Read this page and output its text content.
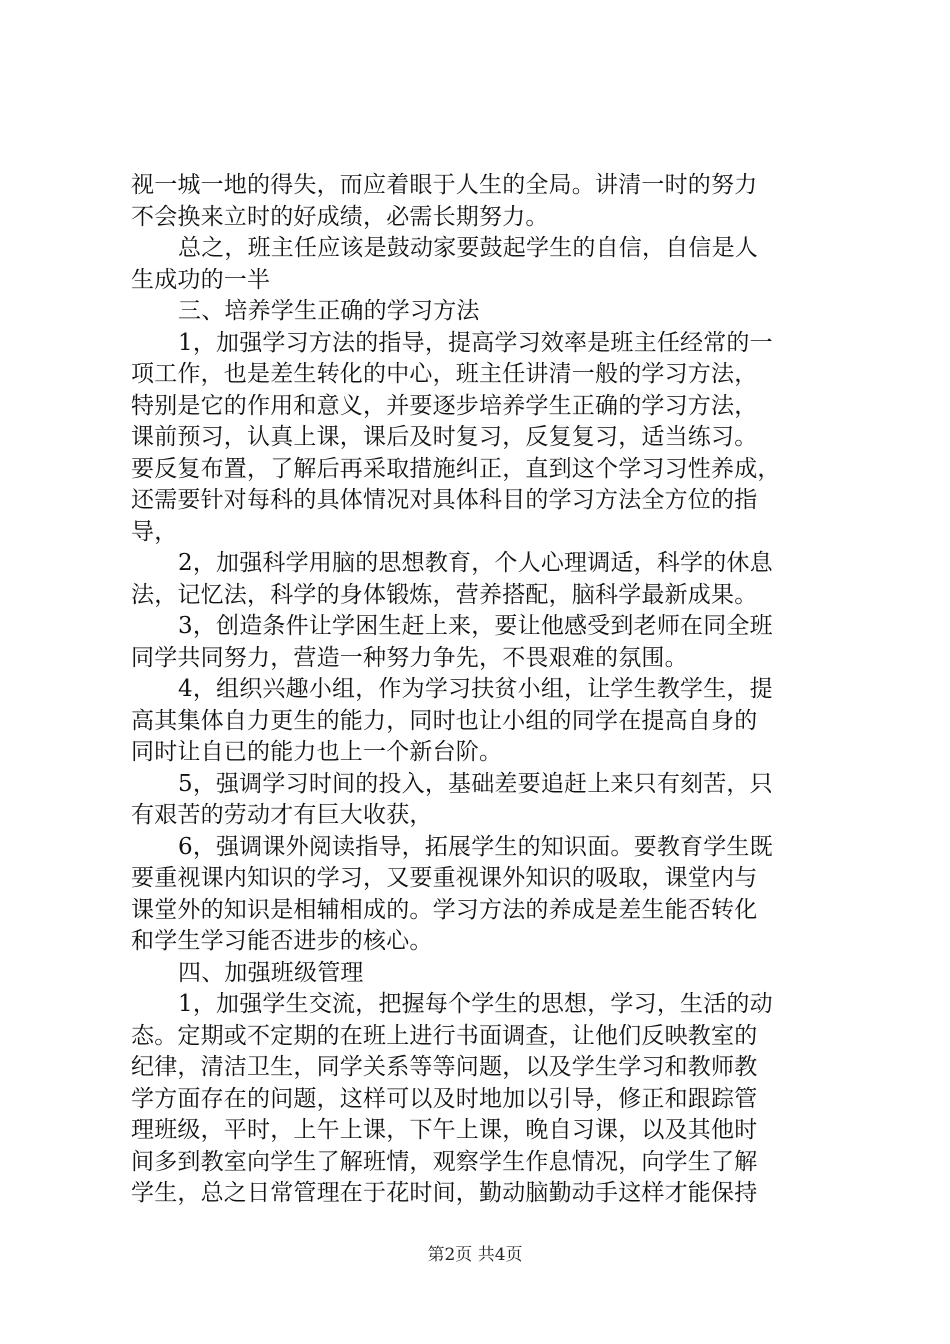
视一城一地的得失，而应着眼于人生的全局。讲清一时的努力
不会换来立时的好成绩，必需长期努力。
总之，班主任应该是鼓动家要鼓起学生的自信，自信是人
生成功的一半
三、培养学生正确的学习方法
1，加强学习方法的指导，提高学习效率是班主任经常的一
项工作，也是差生转化的中心，班主任讲清一般的学习方法，
特别是它的作用和意义，并要逐步培养学生正确的学习方法，
课前预习，认真上课，课后及时复习，反复复习，适当练习。
要反复布置，了解后再采取措施纠正，直到这个学习习性养成，
还需要针对每科的具体情况对具体科目的学习方法全方位的指
导，
2，加强科学用脑的思想教育，个人心理调适，科学的休息
法，记忆法，科学的身体锻炼，营养搭配，脑科学最新成果。
3，创造条件让学困生赶上来，要让他感受到老师在同全班
同学共同努力，营造一种努力争先，不畏艰难的氛围。
4，组织兴趣小组，作为学习扶贫小组，让学生教学生，提
高其集体自力更生的能力，同时也让小组的同学在提高自身的
同时让自已的能力也上一个新台阶。
5，强调学习时间的投入，基础差要追赶上来只有刻苦，只
有艰苦的劳动才有巨大收获，
6，强调课外阅读指导，拓展学生的知识面。要教育学生既
要重视课内知识的学习，又要重视课外知识的吸取，课堂内与
课堂外的知识是相辅相成的。学习方法的养成是差生能否转化
和学生学习能否进步的核心。
四、加强班级管理
1，加强学生交流，把握每个学生的思想，学习，生活的动
态。定期或不定期的在班上进行书面调查，让他们反映教室的
纪律，清洁卫生，同学关系等等问题，以及学生学习和教师教
学方面存在的问题，这样可以及时地加以引导，修正和跟踪管
理班级，平时，上午上课，下午上课，晚自习课，以及其他时
间多到教室向学生了解班情，观察学生作息情况，向学生了解
学生，总之日常管理在于花时间，勤动脑勤动手这样才能保持
第2页 共4页
